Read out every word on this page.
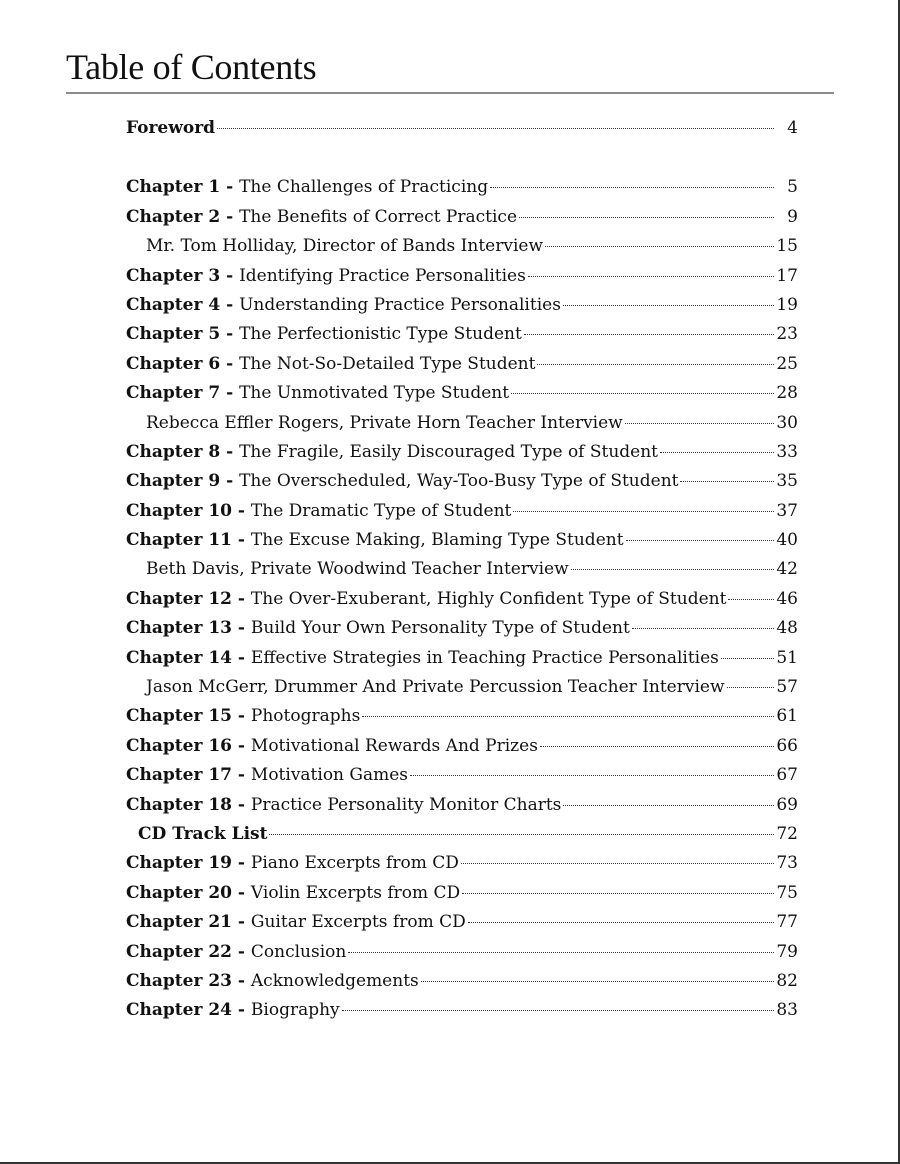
Table of Contents
Foreword	4
Chapter 1 - The Challenges of Practicing	5
Chapter 2 - The Benefits of Correct Practice	9
Mr. Tom Holliday, Director of Bands Interview	15
Chapter 3 - Identifying Practice Personalities	17
Chapter 4 - Understanding Practice Personalities	19
Chapter 5 - The Perfectionistic Type Student	23
Chapter 6 - The Not-So-Detailed Type Student	25
Chapter 7 - The Unmotivated Type Student	28
Rebecca Effler Rogers, Private Horn Teacher Interview	30
Chapter 8 - The Fragile, Easily Discouraged Type of Student	33
Chapter 9 - The Overscheduled, Way-Too-Busy Type of Student	35
Chapter 10 - The Dramatic Type of Student	37
Chapter 11 - The Excuse Making, Blaming Type Student	40
Beth Davis, Private Woodwind Teacher Interview	42
Chapter 12 - The Over-Exuberant, Highly Confident Type of Student	46
Chapter 13 - Build Your Own Personality Type of Student	48
Chapter 14 - Effective Strategies in Teaching Practice Personalities	51
Jason McGerr, Drummer And Private Percussion Teacher Interview	57
Chapter 15 - Photographs	61
Chapter 16 - Motivational Rewards And Prizes	66
Chapter 17 - Motivation Games	67
Chapter 18 - Practice Personality Monitor Charts	69
CD Track List	72
Chapter 19 - Piano Excerpts from CD	73
Chapter 20 - Violin Excerpts from CD	75
Chapter 21 - Guitar Excerpts from CD	77
Chapter 22 - Conclusion	79
Chapter 23 - Acknowledgements	82
Chapter 24 - Biography	83
